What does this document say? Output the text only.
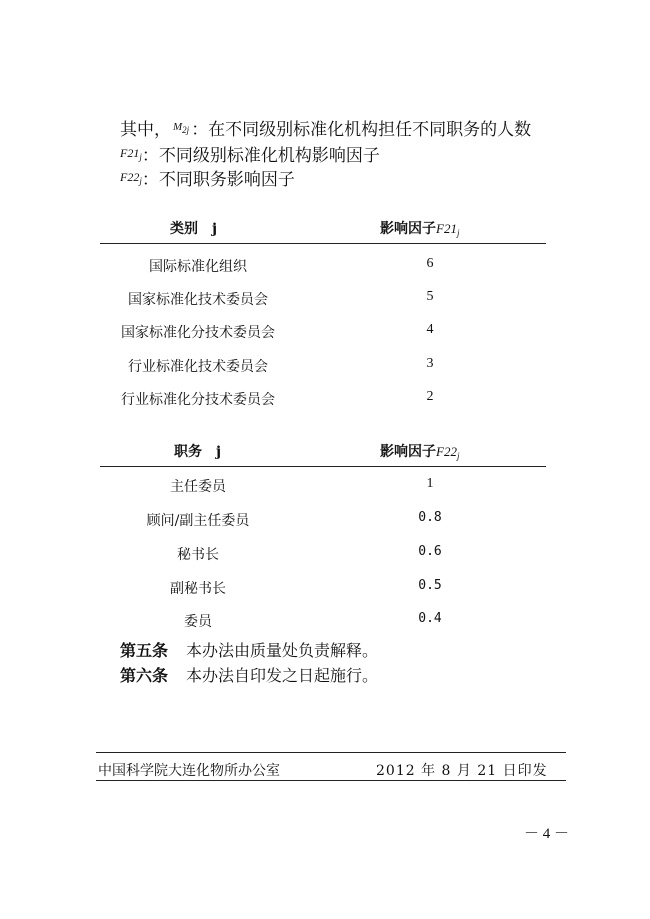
其中， $^{M_{2j}}$ ：在不同级别标准化机构担任不同职务的人数
$^{F21_j}$：不同级别标准化机构影响因子
$^{F22_j}$：不同职务影响因子
类别　j	影响因子$F21_j$
国际标准化组织	6
国家标准化技术委员会	5
国家标准化分技术委员会	4
行业标准化技术委员会	3
行业标准化分技术委员会	2
职务　j	影响因子$F22_j$
主任委员	1
顾问/副主任委员	0.8
秘书长	0.6
副秘书长	0.5
委员	0.4
第五条 本办法由质量处负责解释。
第六条 本办法自印发之日起施行。
中国科学院大连化物所办公室	2012 年 8 月 21 日印发
－ 4 －
